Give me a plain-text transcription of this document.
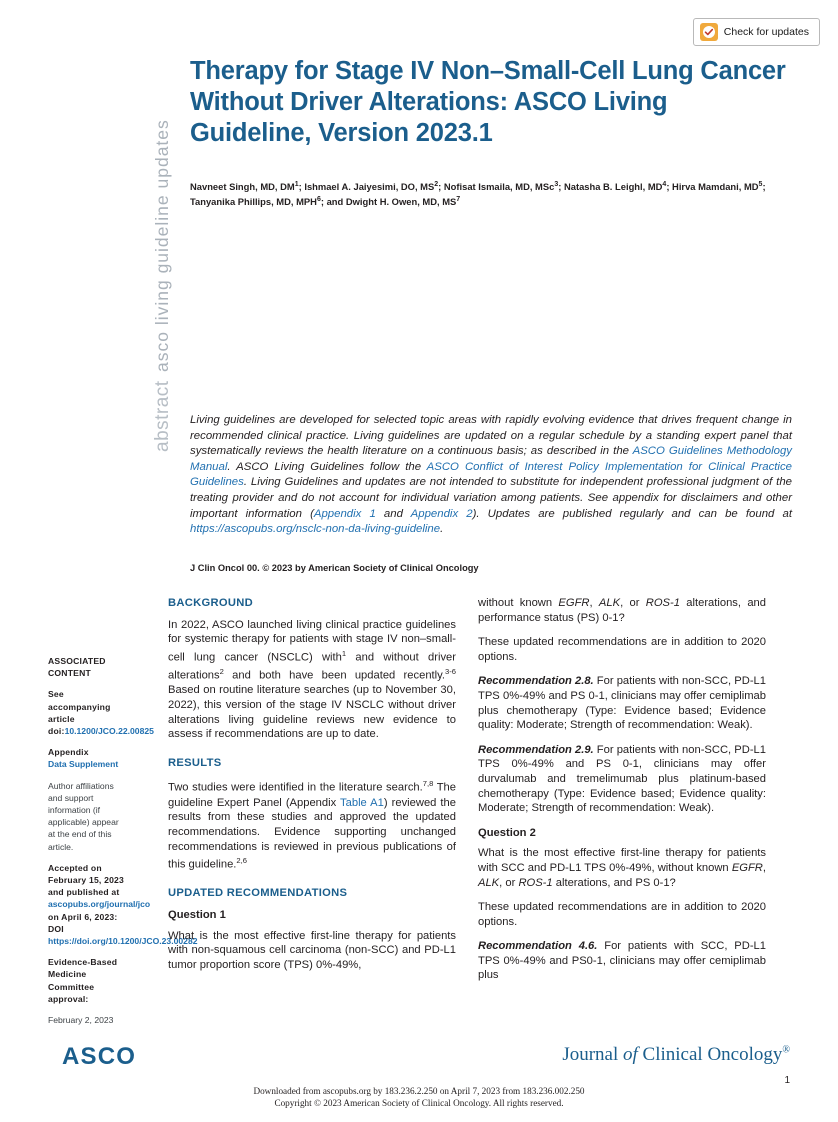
Check for updates
asco living guideline updates
abstract
Therapy for Stage IV Non–Small-Cell Lung Cancer Without Driver Alterations: ASCO Living Guideline, Version 2023.1
Navneet Singh, MD, $DM^1$; Ishmael A. Jaiyesimi, DO, $MS^2$; Nofisat Ismaila, MD, MSc$^3$; Natasha B. Leighl, $MD^4$; Hirva Mamdani, $MD^5$; Tanyanika Phillips, MD, MPH$^6$; and Dwight H. Owen, MD, $MS^7$
Living guidelines are developed for selected topic areas with rapidly evolving evidence that drives frequent change in recommended clinical practice. Living guidelines are updated on a regular schedule by a standing expert panel that systematically reviews the health literature on a continuous basis; as described in the ASCO Guidelines Methodology Manual. ASCO Living Guidelines follow the ASCO Conflict of Interest Policy Implementation for Clinical Practice Guidelines. Living Guidelines and updates are not intended to substitute for independent professional judgment of the treating provider and do not account for individual variation among patients. See appendix for disclaimers and other important information (Appendix 1 and Appendix 2). Updates are published regularly and can be found at https://ascopubs.org/nsclc-non-da-living-guideline.
J Clin Oncol 00. © 2023 by American Society of Clinical Oncology
ASSOCIATED CONTENT
See accompanying article doi:10.1200/JCO.22.00825
Appendix
Data Supplement
Author affiliations and support information (if applicable) appear at the end of this article.
Accepted on February 15, 2023 and published at ascopubs.org/journal/jco on April 6, 2023: DOI https://doi.org/10.1200/JCO.23.00282
Evidence-Based Medicine Committee approval:
February 2, 2023
BACKGROUND

In 2022, ASCO launched living clinical practice guidelines for systemic therapy for patients with stage IV non–small-cell lung cancer (NSCLC) with$^1$ and without driver alterations$^2$ and both have been updated recently.$^{3-6}$ Based on routine literature searches (up to November 30, 2022), this version of the stage IV NSCLC without driver alterations living guideline reviews new evidence to assess if recommendations are up to date.

RESULTS

Two studies were identified in the literature search.$^{7,8}$ The guideline Expert Panel (Appendix Table A1) reviewed the results from these studies and approved the updated recommendations. Evidence supporting unchanged recommendations is reviewed in previous publications of this guideline.$^{2,6}$

UPDATED RECOMMENDATIONS
Question 1

What is the most effective first-line therapy for patients with non-squamous cell carcinoma (non-SCC) and PD-L1 tumor proportion score (TPS) 0%-49%,

without known EGFR, ALK, or ROS-1 alterations, and performance status (PS) 0-1?

These updated recommendations are in addition to 2020 options.

Recommendation 2.8. For patients with non-SCC, PD-L1 TPS 0%-49% and PS 0-1, clinicians may offer cemiplimab plus chemotherapy (Type: Evidence based; Evidence quality: Moderate; Strength of recommendation: Weak).

Recommendation 2.9. For patients with non-SCC, PD-L1 TPS 0%-49% and PS 0-1, clinicians may offer durvalumab and tremelimumab plus platinum-based chemotherapy (Type: Evidence based; Evidence quality: Moderate; Strength of recommendation: Weak).

Question 2

What is the most effective first-line therapy for patients with SCC and PD-L1 TPS 0%-49%, without known EGFR, ALK, or ROS-1 alterations, and PS 0-1?

These updated recommendations are in addition to 2020 options.

Recommendation 4.6. For patients with SCC, PD-L1 TPS 0%-49% and PS0-1, clinicians may offer cemiplimab plus

ASCO	Journal of Clinical Oncology®
1
Downloaded from ascopubs.org by 183.236.2.250 on April 7, 2023 from 183.236.002.250
Copyright © 2023 American Society of Clinical Oncology. All rights reserved.
